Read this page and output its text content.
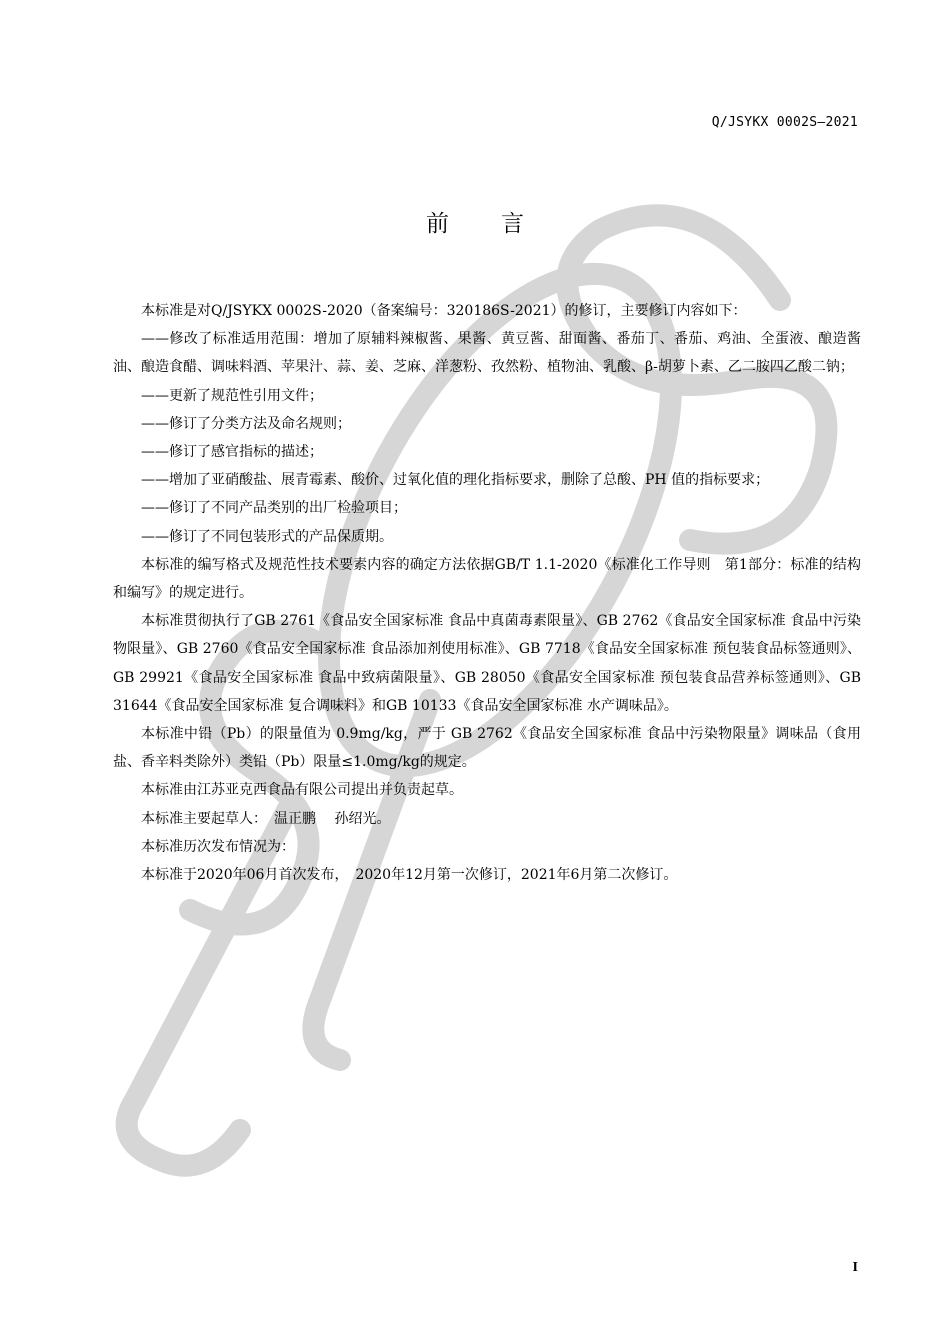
Q/JSYKX 0002S—2021
前言

本标准是对Q/JSYKX 0002S-2020（备案编号：320186S-2021）的修订，主要修订内容如下：

——修改了标准适用范围：增加了原辅料辣椒酱、果酱、黄豆酱、甜面酱、番茄丁、番茄、鸡油、全蛋液、酿造酱油、酿造食醋、调味料酒、苹果汁、蒜、姜、芝麻、洋葱粉、孜然粉、植物油、乳酸、β-胡萝卜素、乙二胺四乙酸二钠；

——更新了规范性引用文件；

——修订了分类方法及命名规则；

——修订了感官指标的描述；

——增加了亚硝酸盐、展青霉素、酸价、过氧化值的理化指标要求，删除了总酸、PH 值的指标要求；

——修订了不同产品类别的出厂检验项目；

——修订了不同包装形式的产品保质期。

本标准的编写格式及规范性技术要素内容的确定方法依据GB/T 1.1-2020《标准化工作导则　第1部分：标准的结构和编写》的规定进行。

本标准贯彻执行了GB 2761《食品安全国家标准 食品中真菌毒素限量》、GB 2762《食品安全国家标准 食品中污染物限量》、GB 2760《食品安全国家标准 食品添加剂使用标准》、GB 7718《食品安全国家标准 预包装食品标签通则》、GB 29921《食品安全国家标准 食品中致病菌限量》、GB 28050《食品安全国家标准 预包装食品营养标签通则》、GB 31644《食品安全国家标准 复合调味料》和GB 10133《食品安全国家标准 水产调味品》。

本标准中铅（Pb）的限量值为 0.9mg/kg，严于 GB 2762《食品安全国家标准 食品中污染物限量》调味品（食用盐、香辛料类除外）类铅（Pb）限量≤1.0mg/kg的规定。

本标准由江苏亚克西食品有限公司提出并负责起草。

本标准主要起草人：　温正鹏　 孙绍光。

本标准历次发布情况为：

本标准于2020年06月首次发布，　2020年12月第一次修订，2021年6月第二次修订。

I
